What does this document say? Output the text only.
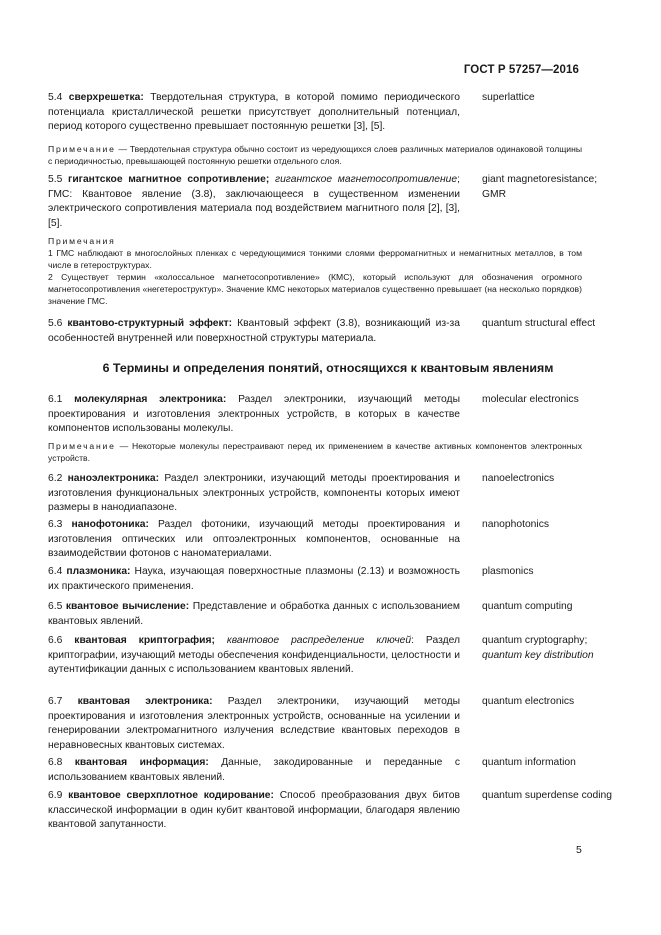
ГОСТ Р 57257—2016
5.4 сверхрешетка: Твердотельная структура, в которой помимо периодического потенциала кристаллической решетки присутствует дополнительный потенциал, период которого существенно превышает постоянную решетки [3], [5].
superlattice
Примечание — Твердотельная структура обычно состоит из чередующихся слоев различных материалов одинаковой толщины с периодичностью, превышающей постоянную решетки отдельного слоя.
5.5 гигантское магнитное сопротивление; гигантское магнетосопротивление; ГМС: Квантовое явление (3.8), заключающееся в существенном изменении электрического сопротивления материала под воздействием магнитного поля [2], [3], [5].
giant magnetoresistance; GMR
Примечания
1 ГМС наблюдают в многослойных пленках с чередующимися тонкими слоями ферромагнитных и немагнитных металлов, в том числе в гетероструктурах.
2 Существует термин «колоссальное магнетосопротивление» (КМС), который используют для обозначения огромного магнетосопротивления «негетероструктур». Значение КМС некоторых материалов существенно превышает (на несколько порядков) значение ГМС.
5.6 квантово-структурный эффект: Квантовый эффект (3.8), возникающий из-за особенностей внутренней или поверхностной структуры материала.
quantum structural effect
6 Термины и определения понятий, относящихся к квантовым явлениям
6.1 молекулярная электроника: Раздел электроники, изучающий методы проектирования и изготовления электронных устройств, в которых в качестве компонентов использованы молекулы.
molecular electronics
Примечание — Некоторые молекулы перестраивают перед их применением в качестве активных компонентов электронных устройств.
6.2 наноэлектроника: Раздел электроники, изучающий методы проектирования и изготовления функциональных электронных устройств, компоненты которых имеют размеры в нанодиапазоне.
nanoelectronics
6.3 нанофотоника: Раздел фотоники, изучающий методы проектирования и изготовления оптических или оптоэлектронных компонентов, основанные на взаимодействии фотонов с наноматериалами.
nanophotonics
6.4 плазмоника: Наука, изучающая поверхностные плазмоны (2.13) и возможность их практического применения.
plasmonics
6.5 квантовое вычисление: Представление и обработка данных с использованием квантовых явлений.
quantum computing
6.6 квантовая криптография; квантовое распределение ключей: Раздел криптографии, изучающий методы обеспечения конфиденциальности, целостности и аутентификации данных с использованием квантовых явлений.
quantum cryptography;
quantum key distribution
6.7 квантовая электроника: Раздел электроники, изучающий методы проектирования и изготовления электронных устройств, основанные на усилении и генерировании электромагнитного излучения вследствие квантовых переходов в неравновесных квантовых системах.
quantum electronics
6.8 квантовая информация: Данные, закодированные и переданные с использованием квантовых явлений.
quantum information
6.9 квантовое сверхплотное кодирование: Способ преобразования двух битов классической информации в один кубит квантовой информации, благодаря явлению квантовой запутанности.
quantum superdense coding
5
